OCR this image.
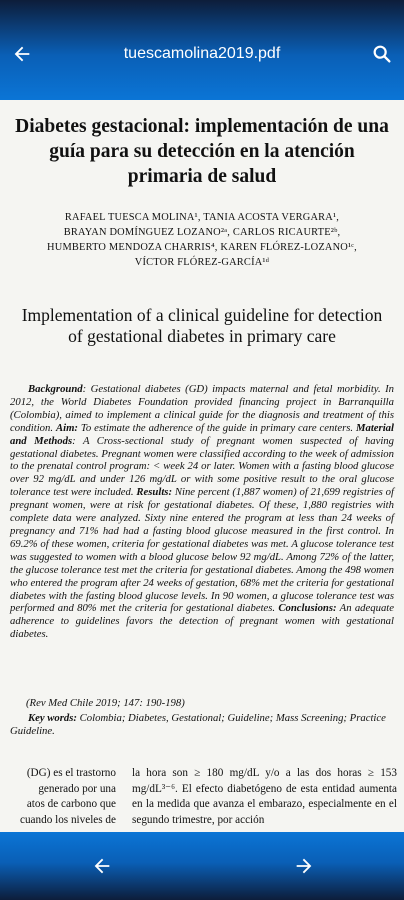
tuescamolina2019.pdf
Diabetes gestacional: implementación de una guía para su detección en la atención primaria de salud
RAFAEL TUESCA MOLINA¹, TANIA ACOSTA VERGARA¹,
BRAYAN DOMÍNGUEZ LOZANO²ᵃ, CARLOS RICAURTE²ᵇ,
HUMBERTO MENDOZA CHARRIS⁴, KAREN FLÓREZ-LOZANO¹ᶜ,
VÍCTOR FLÓREZ-GARCÍA¹ᵈ
Implementation of a clinical guideline for detection of gestational diabetes in primary care

Background: Gestational diabetes (GD) impacts maternal and fetal morbidity. In 2012, the World Diabetes Foundation provided financing project in Barranquilla (Colombia), aimed to implement a clinical guide for the diagnosis and treatment of this condition. Aim: To estimate the adherence of the guide in primary care centers. Material and Methods: A Cross-sectional study of pregnant women suspected of having gestational diabetes. Pregnant women were classified according to the week of admission to the prenatal control program: < week 24 or later. Women with a fasting blood glucose over 92 mg/dL and under 126 mg/dL or with some positive result to the oral glucose tolerance test were included. Results: Nine percent (1,887 women) of 21,699 registries of pregnant women, were at risk for gestational diabetes. Of these, 1,880 registries with complete data were analyzed. Sixty nine entered the program at less than 24 weeks of pregnancy and 71% had had a fasting blood glucose measured in the first control. In 69.2% of these women, criteria for gestational diabetes was met. A glucose tolerance test was suggested to women with a blood glucose below 92 mg/dL. Among 72% of the latter, the glucose tolerance test met the criteria for gestational diabetes. Among the 498 women who entered the program after 24 weeks of gestation, 68% met the criteria for gestational diabetes with the fasting blood glucose levels. In 90 women, a glucose tolerance test was performed and 80% met the criteria for gestational diabetes. Conclusions: An adequate adherence to guidelines favors the detection of pregnant women with gestational diabetes.

(Rev Med Chile 2019; 147: 190-198)
Key words: Colombia; Diabetes, Gestational; Guideline; Mass Screening; Practice Guideline.
(DG) es el trastorno
generado por una
atos de carbono que
cuando los niveles de
la hora son ≥ 180 mg/dL y/o a las dos horas ≥ 153 mg/dL³⁻⁶. El efecto diabetógeno de esta entidad aumenta en la medida que avanza el embarazo, especialmente en el segundo trimestre, por acción
